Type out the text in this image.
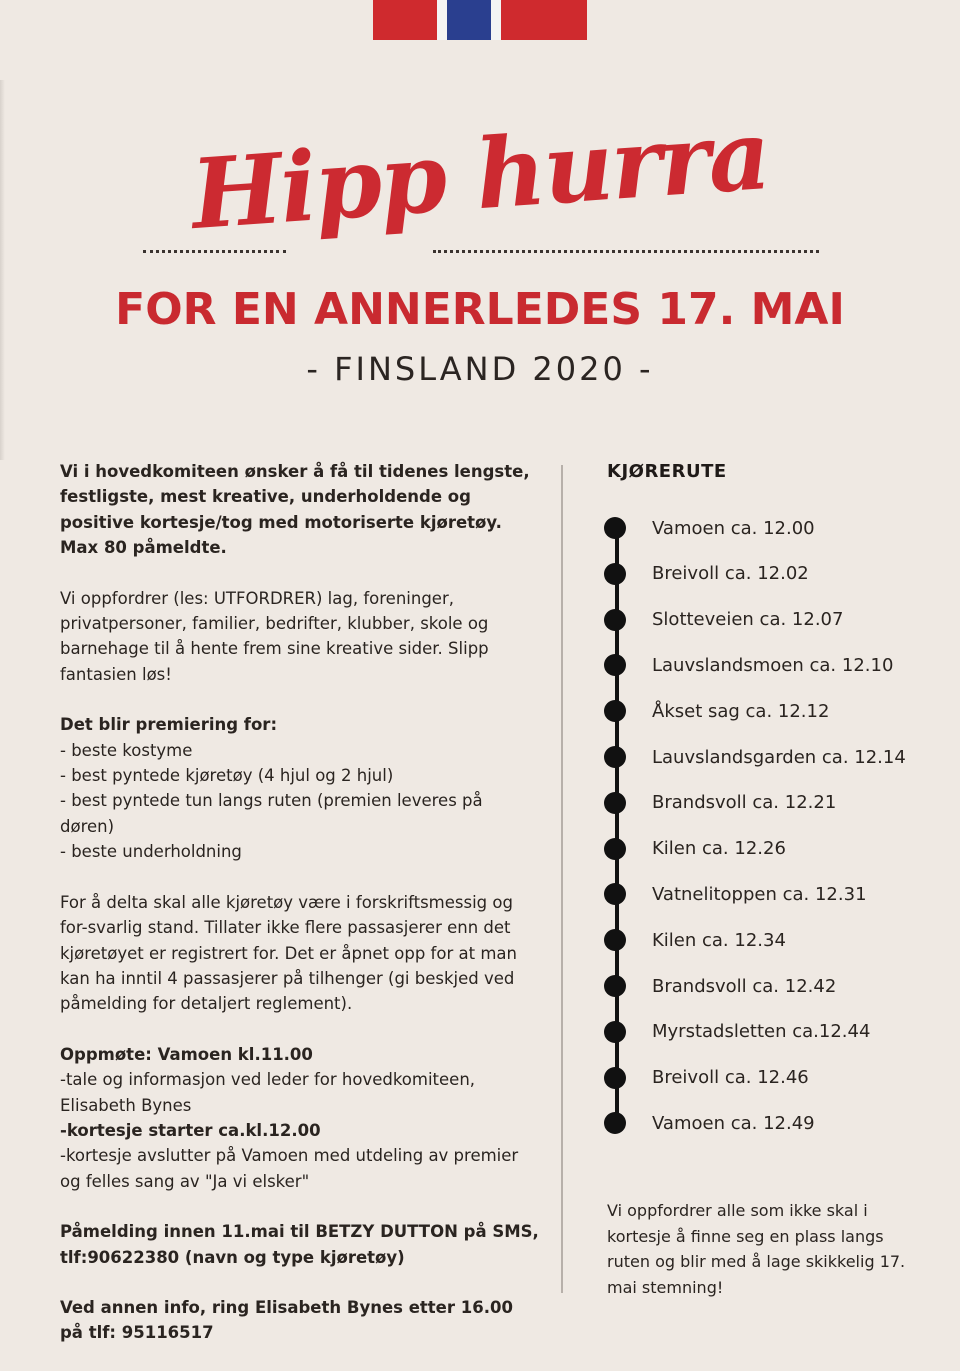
Hipp hurra
FOR EN ANNERLEDES 17. MAI
- FINSLAND 2020 -

Vi i hovedkomiteen ønsker å få til tidenes lengste, festligste, mest kreative, underholdende og positive kortesje/tog med motoriserte kjøretøy. Max 80 påmeldte.

Vi oppfordrer (les: UTFORDRER) lag, foreninger, privatpersoner, familier, bedrifter, klubber, skole og barnehage til å hente frem sine kreative sider. Slipp fantasien løs!

Det blir premiering for:
- beste kostyme
- best pyntede kjøretøy (4 hjul og 2 hjul)
- best pyntede tun langs ruten (premien leveres på døren)
- beste underholdning

For å delta skal alle kjøretøy være i forskriftsmessig og for-svarlig stand. Tillater ikke flere passasjerer enn det kjøretøyet er registrert for. Det er åpnet opp for at man kan ha inntil 4 passasjerer på tilhenger (gi beskjed ved påmelding for detaljert reglement).

Oppmøte: Vamoen kl.11.00
-tale og informasjon ved leder for hovedkomiteen, Elisabeth Bynes
-kortesje starter ca.kl.12.00
-kortesje avslutter på Vamoen med utdeling av premier og felles sang av "Ja vi elsker"

Påmelding innen 11.mai til BETZY DUTTON på SMS, tlf:90622380 (navn og type kjøretøy)

Ved annen info, ring Elisabeth Bynes etter 16.00 på tlf: 95116517

KJØRERUTE
Vamoen ca. 12.00
Breivoll ca. 12.02
Slotteveien ca. 12.07
Lauvslandsmoen ca. 12.10
Åkset sag ca. 12.12
Lauvslandsgarden ca. 12.14
Brandsvoll ca. 12.21
Kilen ca. 12.26
Vatnelitoppen ca. 12.31
Kilen ca. 12.34
Brandsvoll ca. 12.42
Myrstadsletten ca.12.44
Breivoll ca. 12.46
Vamoen ca. 12.49
Vi oppfordrer alle som ikke skal i kortesje å finne seg en plass langs ruten og blir med å lage skikkelig 17. mai stemning!
